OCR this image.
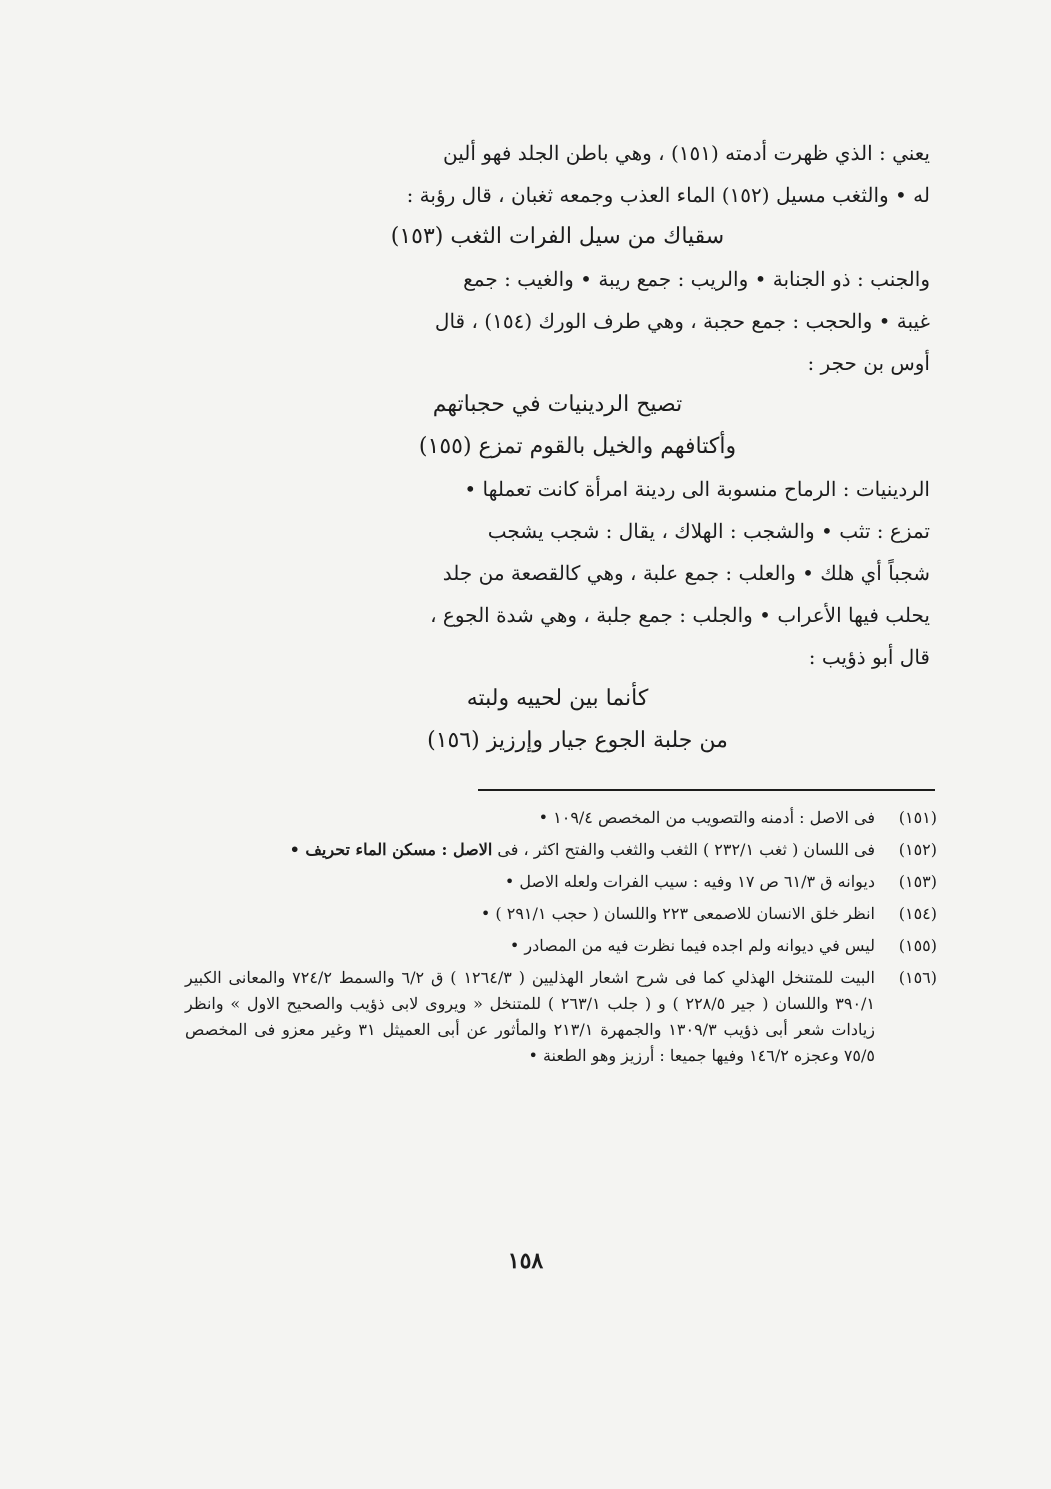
يعني : الذي ظهرت أدمته (١٥١) ، وهي باطن الجلد فهو ألين

له • والثغب مسيل (١٥٢) الماء العذب وجمعه ثغبان ، قال رؤبة :

سقياك من سيل الفرات الثغب (١٥٣)

والجنب : ذو الجنابة • والريب : جمع ريبة • والغيب : جمع

غيبة • والحجب : جمع حجبة ، وهي طرف الورك (١٥٤) ، قال

أوس بن حجر :

تصيح الردينيات في حجباتهم

وأكتافهم والخيل بالقوم تمزع (١٥٥)

الردينيات : الرماح منسوبة الى ردينة امرأة كانت تعملها •

تمزع : تثب • والشجب : الهلاك ، يقال : شجب يشجب

شجباً أي هلك • والعلب : جمع علبة ، وهي كالقصعة من جلد

يحلب فيها الأعراب • والجلب : جمع جلبة ، وهي شدة الجوع ،

قال أبو ذؤيب :

كأنما بين لحييه ولبته

من جلبة الجوع جيار وإرزيز (١٥٦)

(١٥١)
فى الاصل : أدمنه والتصويب من المخصص ١٠٩/٤ •
(١٥٢)
فى اللسان ( ثغب ٢٣٢/١ ) الثغب والثغب والفتح اكثر ، فى الاصل : مسكن الماء تحريف •
(١٥٣)
ديوانه ق ٦١/٣ ص ١٧ وفيه : سيب الفرات ولعله الاصل •
(١٥٤)
انظر خلق الانسان للاصمعى ٢٢٣ واللسان ( حجب ٢٩١/١ ) •
(١٥٥)
ليس في ديوانه ولم اجده فيما نظرت فيه من المصادر •
(١٥٦)
البيت للمتنخل الهذلي كما فى شرح اشعار الهذليين ( ١٢٦٤/٣ ) ق ٦/٢ والسمط ٧٢٤/٢ والمعانى الكبير ٣٩٠/١ واللسان ( جير ٢٢٨/٥ ) و ( جلب ٢٦٣/١ ) للمتنخل « ويروى لابى ذؤيب والصحيح الاول » وانظر زيادات شعر أبى ذؤيب ١٣٠٩/٣ والجمهرة ٢١٣/١ والمأثور عن أبى العميثل ٣١ وغير معزو فى المخصص ٧٥/٥ وعجزه ١٤٦/٢ وفيها جميعا : أرزيز وهو الطعنة •
١٥٨
